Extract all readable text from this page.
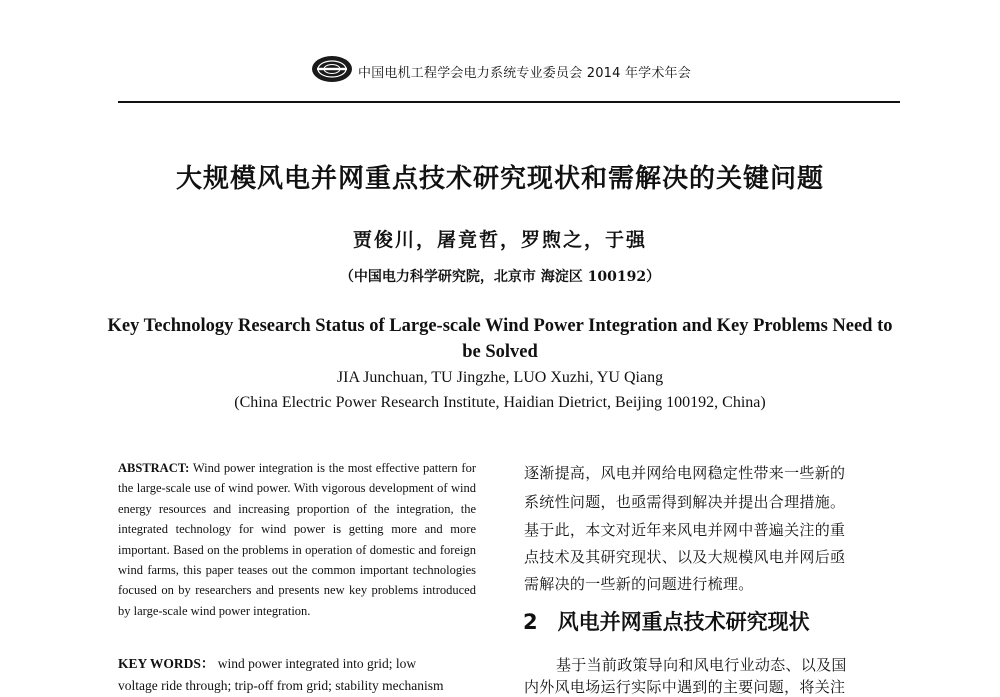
中国电机工程学会电力系统专业委员会 2014 年学术年会
大规模风电并网重点技术研究现状和需解决的关键问题
贾俊川，屠竟哲，罗煦之，于强
（中国电力科学研究院，北京市 海淀区 100192）
Key Technology Research Status of Large-scale Wind Power Integration and Key Problems Need to be Solved
JIA Junchuan, TU Jingzhe, LUO Xuzhi, YU Qiang
(China Electric Power Research Institute, Haidian Dietrict, Beijing 100192, China)
ABSTRACT: Wind power integration is the most effective pattern for the large-scale use of wind power. With vigorous development of wind energy resources and increasing proportion of the integration, the integrated technology for wind power is getting more and more important. Based on the problems in operation of domestic and foreign wind farms, this paper teases out the common important technologies focused on by researchers and presents new key problems introduced by large-scale wind power integration.
KEY WORDS： wind power integrated into grid; low
voltage ride through; trip-off from grid; stability mechanism
逐渐提高，风电并网给电网稳定性带来一些新的
系统性问题，也亟需得到解决并提出合理措施。
基于此，本文对近年来风电并网中普遍关注的重
点技术及其研究现状、以及大规模风电并网后亟
需解决的一些新的问题进行梳理。
2 风电并网重点技术研究现状
基于当前政策导向和风电行业动态、以及国
内外风电场运行实际中遇到的主要问题，将关注
